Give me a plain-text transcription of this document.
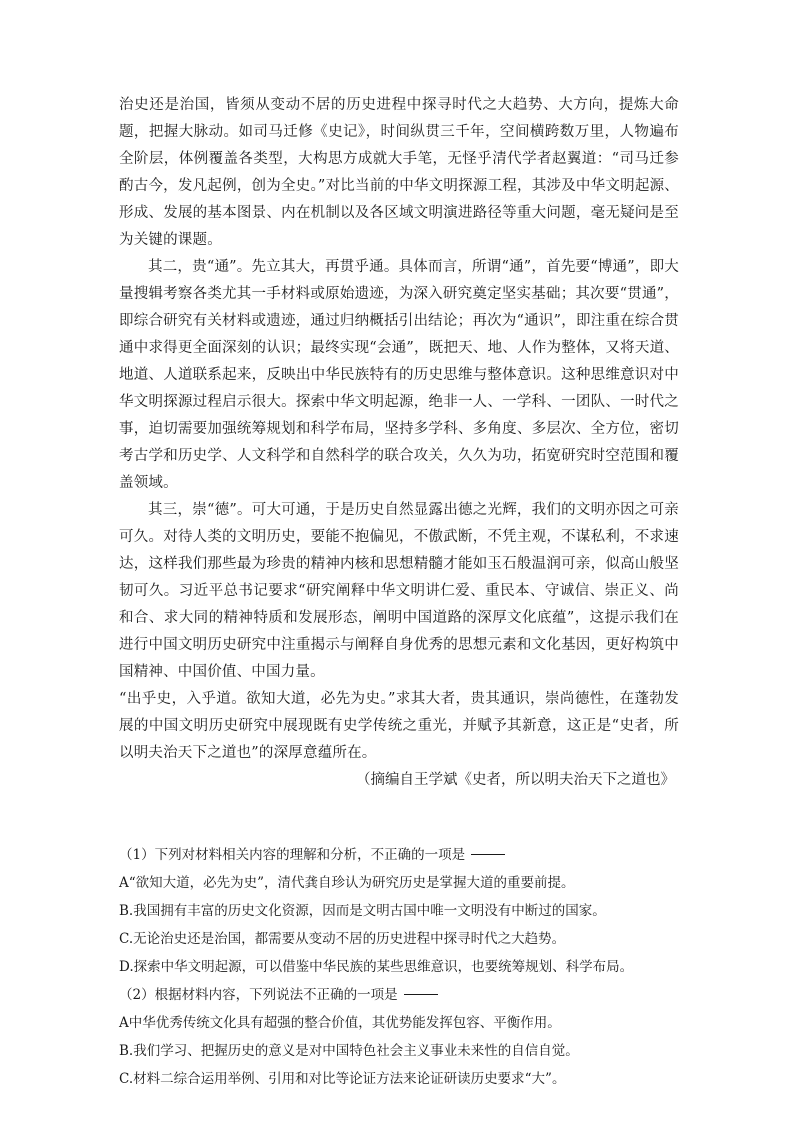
治史还是治国，皆须从变动不居的历史进程中探寻时代之大趋势、大方向，提炼大命题，把握大脉动。如司马迁修《史记》，时间纵贯三千年，空间横跨数万里，人物遍布全阶层，体例覆盖各类型，大构思方成就大手笔，无怪乎清代学者赵翼道：“司马迁参酌古今，发凡起例，创为全史。”对比当前的中华文明探源工程，其涉及中华文明起源、形成、发展的基本图景、内在机制以及各区域文明演进路径等重大问题，毫无疑问是至为关键的课题。

其二，贵“通”。先立其大，再贯乎通。具体而言，所谓“通”，首先要“博通”，即大量搜辑考察各类尤其一手材料或原始遗迹，为深入研究奠定坚实基础；其次要“贯通”，即综合研究有关材料或遗迹，通过归纳概括引出结论；再次为“通识”，即注重在综合贯通中求得更全面深刻的认识；最终实现“会通”，既把天、地、人作为整体，又将天道、地道、人道联系起来，反映出中华民族特有的历史思维与整体意识。这种思维意识对中华文明探源过程启示很大。探索中华文明起源，绝非一人、一学科、一团队、一时代之事，迫切需要加强统筹规划和科学布局，坚持多学科、多角度、多层次、全方位，密切考古学和历史学、人文科学和自然科学的联合攻关，久久为功，拓宽研究时空范围和覆盖领域。

其三，崇“德”。可大可通，于是历史自然显露出德之光辉，我们的文明亦因之可亲可久。对待人类的文明历史，要能不抱偏见，不傲武断，不凭主观，不谋私利，不求速达，这样我们那些最为珍贵的精神内核和思想精髓才能如玉石般温润可亲，似高山般坚韧可久。习近平总书记要求“研究阐释中华文明讲仁爱、重民本、守诚信、崇正义、尚和合、求大同的精神特质和发展形态，阐明中国道路的深厚文化底蕴”，这提示我们在进行中国文明历史研究中注重揭示与阐释自身优秀的思想元素和文化基因，更好构筑中国精神、中国价值、中国力量。

“出乎史，入乎道。欲知大道，必先为史。”求其大者，贵其通识，崇尚德性，在蓬勃发展的中国文明历史研究中展现既有史学传统之重光，并赋予其新意，这正是“史者，所以明夫治天下之道也”的深厚意蕴所在。

（摘编自王学斌《史者，所以明夫治天下之道也》

（1）下列对材料相关内容的理解和分析，不正确的一项是

A“欲知大道，必先为史”，清代龚自珍认为研究历史是掌握大道的重要前提。

B.我国拥有丰富的历史文化资源，因而是文明古国中唯一文明没有中断过的国家。

C.无论治史还是治国，都需要从变动不居的历史进程中探寻时代之大趋势。

D.探索中华文明起源，可以借鉴中华民族的某些思维意识，也要统筹规划、科学布局。

（2）根据材料内容，下列说法不正确的一项是

A中华优秀传统文化具有超强的整合价值，其优势能发挥包容、平衡作用。

B.我们学习、把握历史的意义是对中国特色社会主义事业未来性的自信自觉。

C.材料二综合运用举例、引用和对比等论证方法来论证研读历史要求“大”。
